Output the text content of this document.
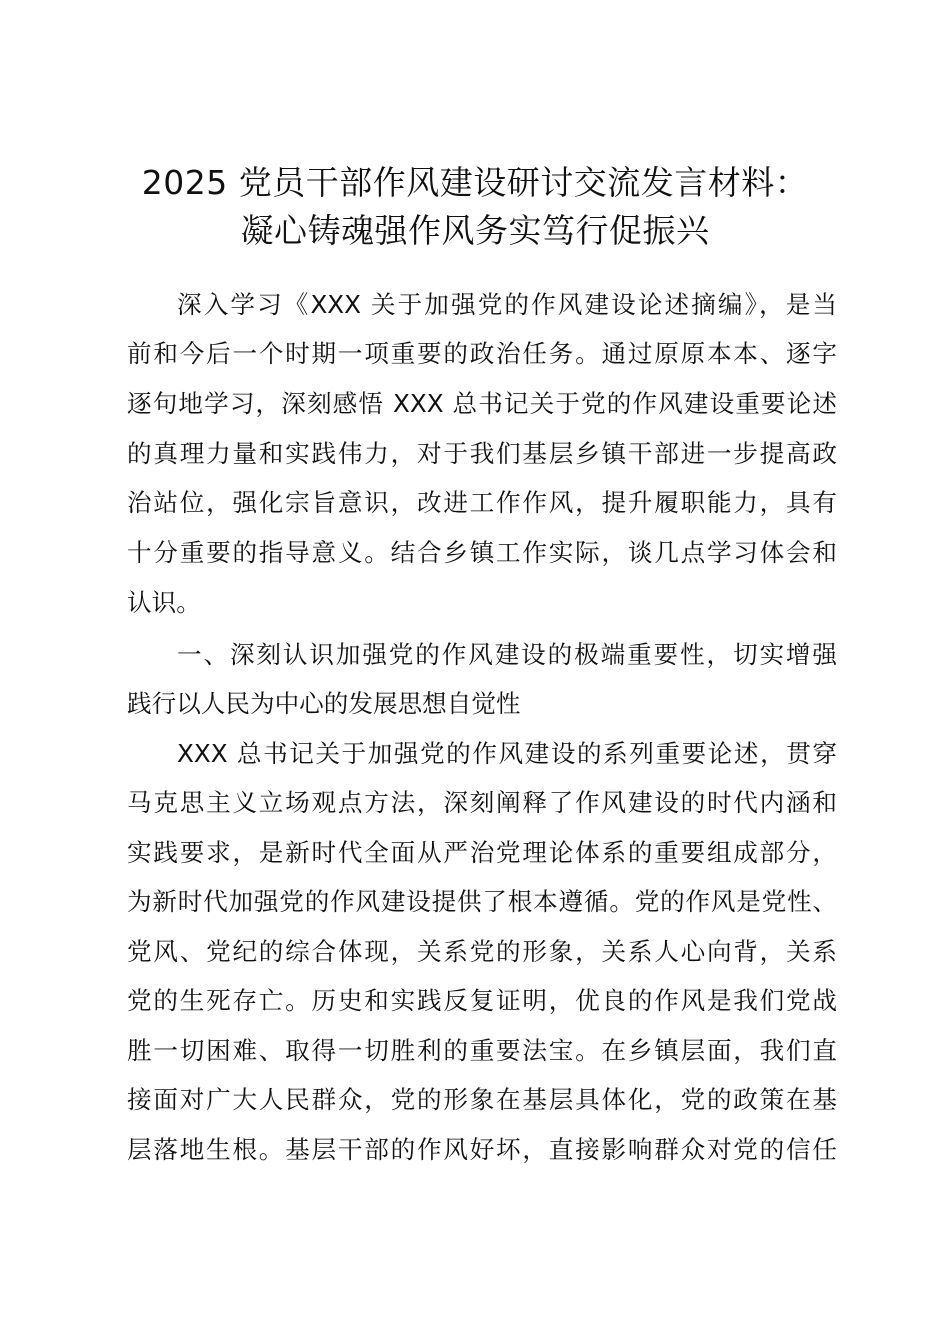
2025 党员干部作风建设研讨交流发言材料：
凝心铸魂强作风务实笃行促振兴
深入学习《XXX 关于加强党的作风建设论述摘编》，是当
前和今后一个时期一项重要的政治任务。通过原原本本、逐字
逐句地学习，深刻感悟 XXX 总书记关于党的作风建设重要论述
的真理力量和实践伟力，对于我们基层乡镇干部进一步提高政
治站位，强化宗旨意识，改进工作作风，提升履职能力，具有
十分重要的指导意义。结合乡镇工作实际，谈几点学习体会和
认识。
一、深刻认识加强党的作风建设的极端重要性，切实增强
践行以人民为中心的发展思想自觉性
XXX 总书记关于加强党的作风建设的系列重要论述，贯穿
马克思主义立场观点方法，深刻阐释了作风建设的时代内涵和
实践要求，是新时代全面从严治党理论体系的重要组成部分，
为新时代加强党的作风建设提供了根本遵循。党的作风是党性、
党风、党纪的综合体现，关系党的形象，关系人心向背，关系
党的生死存亡。历史和实践反复证明，优良的作风是我们党战
胜一切困难、取得一切胜利的重要法宝。在乡镇层面，我们直
接面对广大人民群众，党的形象在基层具体化，党的政策在基
层落地生根。基层干部的作风好坏，直接影响群众对党的信任
